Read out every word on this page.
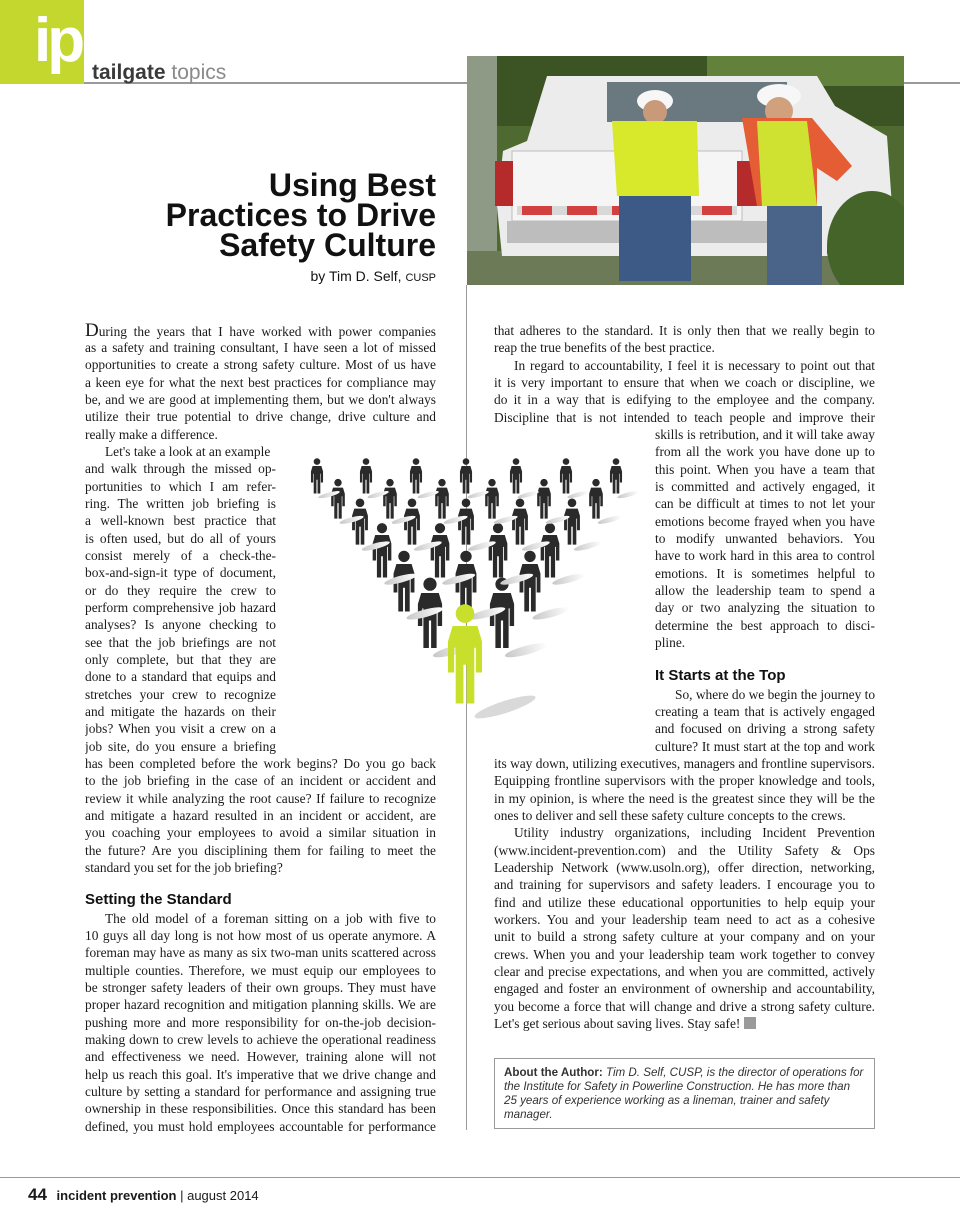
ip tailgate topics
Using Best
Practices to Drive
Safety Culture
by Tim D. Self, CUSP
During the years that I have worked with power companies
as a safety and training consultant, I have seen a lot of missed
opportunities to create a strong safety culture. Most of us have
a keen eye for what the next best practices for compliance may
be, and we are good at implementing them, but we don't always
utilize their true potential to drive change, drive culture and
really make a difference.
Let's take a look at an example
and walk through the missed op-
portunities to which I am refer-
ring. The written job briefing is
a well-known best practice that
is often used, but do all of yours
consist merely of a check-the-
box-and-sign-it type of document,
or do they require the crew to
perform comprehensive job hazard
analyses? Is anyone checking to
see that the job briefings are not
only complete, but that they are
done to a standard that equips and
stretches your crew to recognize
and mitigate the hazards on their
jobs? When you visit a crew on a
job site, do you ensure a briefing
has been completed before the work begins? Do you go back
to the job briefing in the case of an incident or accident and
review it while analyzing the root cause? If failure to recognize
and mitigate a hazard resulted in an incident or accident, are
you coaching your employees to avoid a similar situation in
the future? Are you disciplining them for failing to meet the
standard you set for the job briefing?
Setting the Standard
The old model of a foreman sitting on a job with five to
10 guys all day long is not how most of us operate anymore. A
foreman may have as many as six two-man units scattered across
multiple counties. Therefore, we must equip our employees to
be stronger safety leaders of their own groups. They must have
proper hazard recognition and mitigation planning skills. We are
pushing more and more responsibility for on-the-job decision-
making down to crew levels to achieve the operational readiness
and effectiveness we need. However, training alone will not
help us reach this goal. It's imperative that we drive change and
culture by setting a standard for performance and assigning true
ownership in these responsibilities. Once this standard has been
defined, you must hold employees accountable for performance
that adheres to the standard. It is only then that we really begin to
reap the true benefits of the best practice.
In regard to accountability, I feel it is necessary to point out that
it is very important to ensure that when we coach or discipline, we
do it in a way that is edifying to the employee and the company.
Discipline that is not intended to teach people and improve their
skills is retribution, and it will take away
from all the work you have done up to
this point. When you have a team that
is committed and actively engaged, it
can be difficult at times to not let your
emotions become frayed when you have
to modify unwanted behaviors. You
have to work hard in this area to control
emotions. It is sometimes helpful to
allow the leadership team to spend a
day or two analyzing the situation to
determine the best approach to disci-
pline.
It Starts at the Top
So, where do we begin the journey to
creating a team that is actively engaged
and focused on driving a strong safety
culture? It must start at the top and work
its way down, utilizing executives, managers and frontline supervisors.
Equipping frontline supervisors with the proper knowledge and tools,
in my opinion, is where the need is the greatest since they will be the
ones to deliver and sell these safety culture concepts to the crews.
Utility industry organizations, including Incident Prevention
(www.incident-prevention.com) and the Utility Safety & Ops
Leadership Network (www.usoln.org), offer direction, networking,
and training for supervisors and safety leaders. I encourage you to
find and utilize these educational opportunities to help equip your
workers. You and your leadership team need to act as a cohesive
unit to build a strong safety culture at your company and on your
crews. When you and your leadership team work together to convey
clear and precise expectations, and when you are committed, actively
engaged and foster an environment of ownership and accountability,
you become a force that will change and drive a strong safety culture.
Let's get serious about saving lives. Stay safe!
About the Author: Tim D. Self, CUSP, is the director of operations for the Institute for Safety in Powerline Construction. He has more than 25 years of experience working as a lineman, trainer and safety manager.
44 incident prevention | august 2014
